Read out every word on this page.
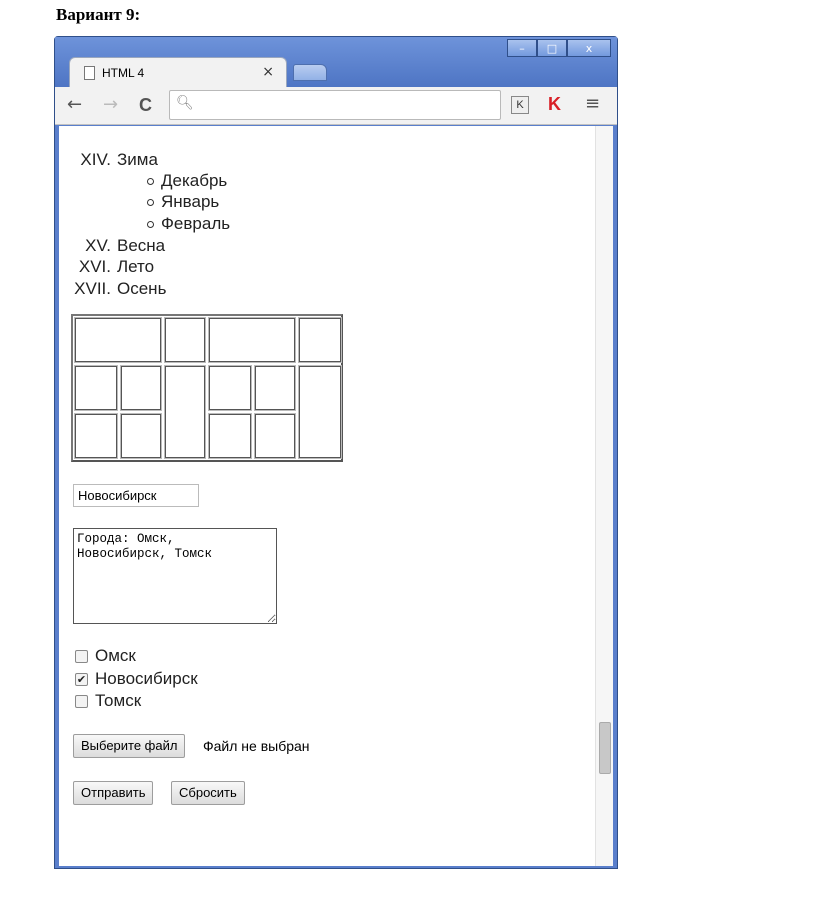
Вариант 9:
–	□	x
HTML 4	×
← → C 🔍︎	K K ≡
XIV. Зима
Декабрь
Январь
Февраль
XV. Весна
XVI. Лето
XVII. Осень
Новосибирск
Города: Омск, Новосибирск, Томск
Омск
✔ Новосибирск
Томск
Выберите файл	Файл не выбран
Отправить	Сбросить
